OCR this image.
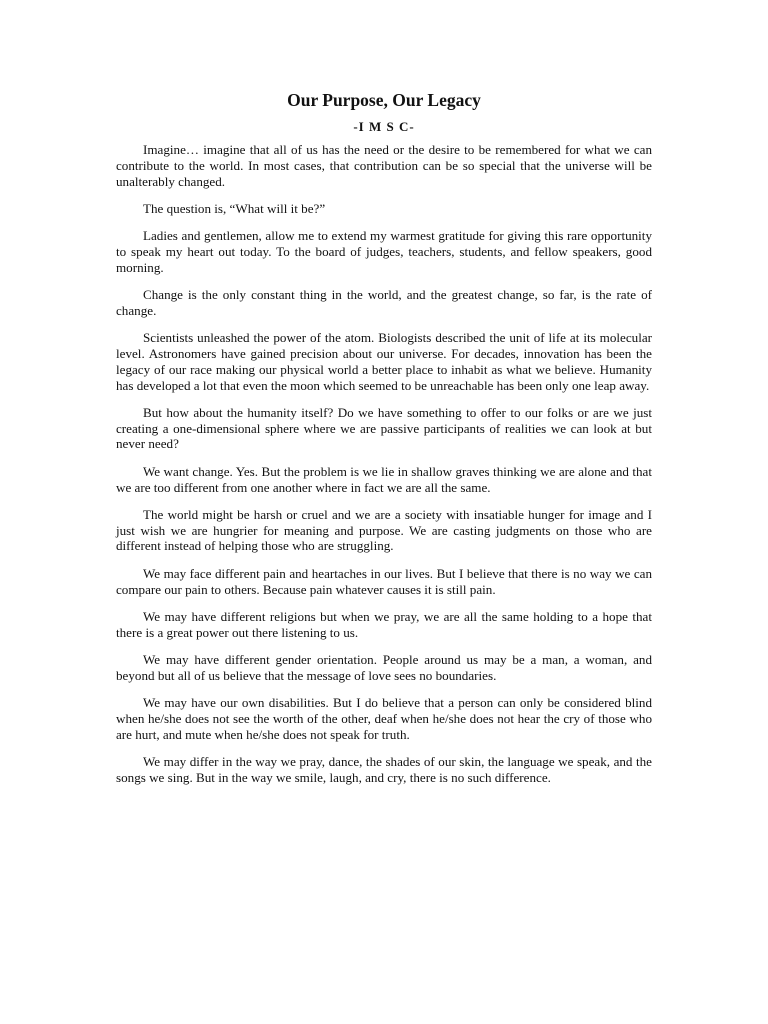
Our Purpose, Our Legacy
-I M S C-

Imagine… imagine that all of us has the need or the desire to be remembered for what we can contribute to the world. In most cases, that contribution can be so special that the universe will be unalterably changed.

The question is, “What will it be?”

Ladies and gentlemen, allow me to extend my warmest gratitude for giving this rare opportunity to speak my heart out today. To the board of judges, teachers, students, and fellow speakers, good morning.

Change is the only constant thing in the world, and the greatest change, so far, is the rate of change.

Scientists unleashed the power of the atom. Biologists described the unit of life at its molecular level. Astronomers have gained precision about our universe. For decades, innovation has been the legacy of our race making our physical world a better place to inhabit as what we believe. Humanity has developed a lot that even the moon which seemed to be unreachable has been only one leap away.

But how about the humanity itself? Do we have something to offer to our folks or are we just creating a one-dimensional sphere where we are passive participants of realities we can look at but never need?

We want change. Yes. But the problem is we lie in shallow graves thinking we are alone and that we are too different from one another where in fact we are all the same.

The world might be harsh or cruel and we are a society with insatiable hunger for image and I just wish we are hungrier for meaning and purpose. We are casting judgments on those who are different instead of helping those who are struggling.

We may face different pain and heartaches in our lives. But I believe that there is no way we can compare our pain to others. Because pain whatever causes it is still pain.

We may have different religions but when we pray, we are all the same holding to a hope that there is a great power out there listening to us.

We may have different gender orientation. People around us may be a man, a woman, and beyond but all of us believe that the message of love sees no boundaries.

We may have our own disabilities. But I do believe that a person can only be considered blind when he/she does not see the worth of the other, deaf when he/she does not hear the cry of those who are hurt, and mute when he/she does not speak for truth.

We may differ in the way we pray, dance, the shades of our skin, the language we speak, and the songs we sing. But in the way we smile, laugh, and cry, there is no such difference.
